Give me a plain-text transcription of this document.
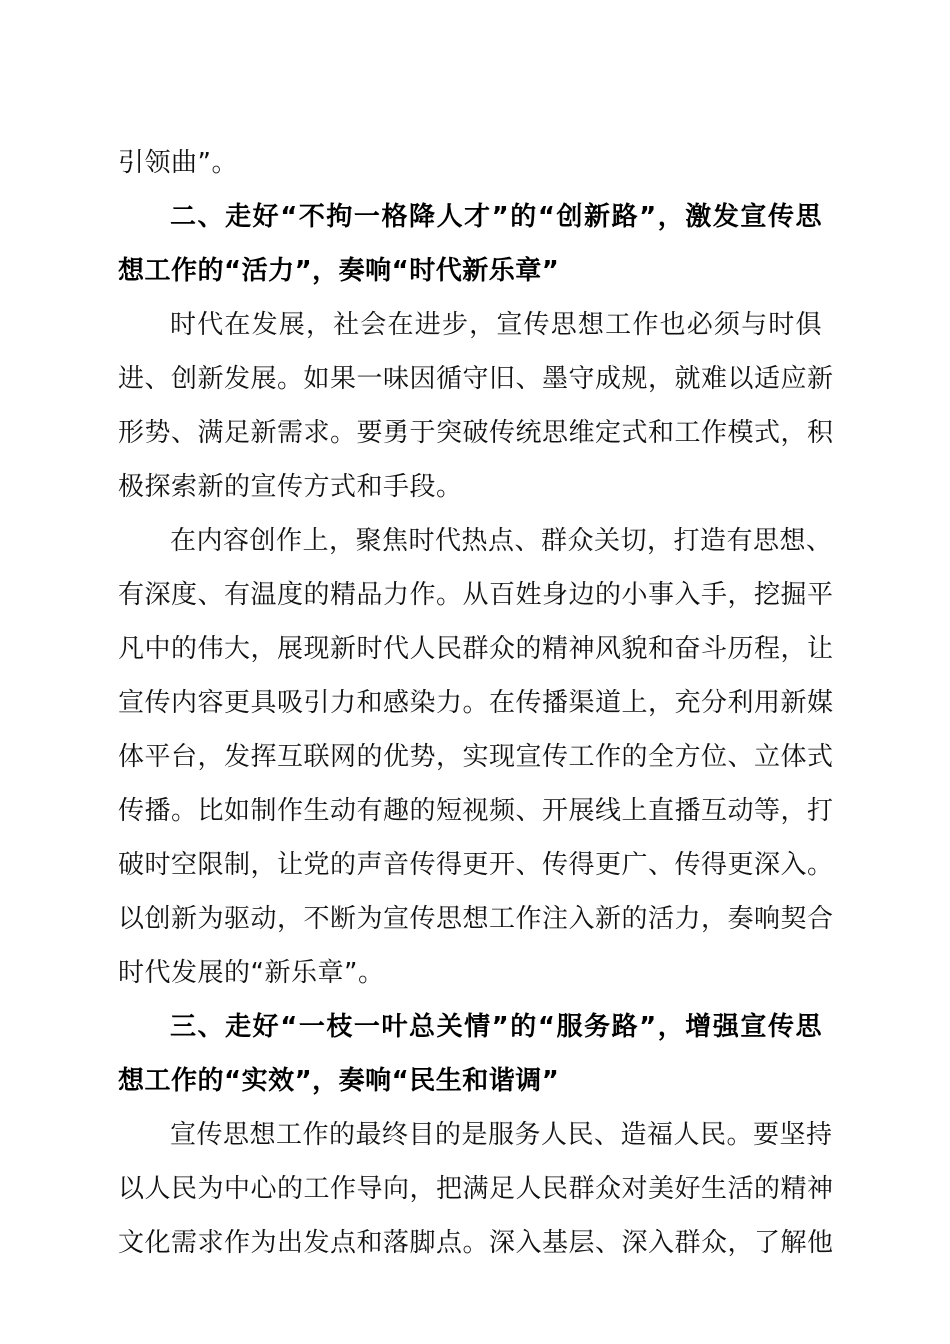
引领曲”。
二、走好“不拘一格降人才”的“创新路”，激发宣传思
想工作的“活力”，奏响“时代新乐章”
时代在发展，社会在进步，宣传思想工作也必须与时俱
进、创新发展。如果一味因循守旧、墨守成规，就难以适应新
形势、满足新需求。要勇于突破传统思维定式和工作模式，积
极探索新的宣传方式和手段。
在内容创作上，聚焦时代热点、群众关切，打造有思想、
有深度、有温度的精品力作。从百姓身边的小事入手，挖掘平
凡中的伟大，展现新时代人民群众的精神风貌和奋斗历程，让
宣传内容更具吸引力和感染力。在传播渠道上，充分利用新媒
体平台，发挥互联网的优势，实现宣传工作的全方位、立体式
传播。比如制作生动有趣的短视频、开展线上直播互动等，打
破时空限制，让党的声音传得更开、传得更广、传得更深入。
以创新为驱动，不断为宣传思想工作注入新的活力，奏响契合
时代发展的“新乐章”。
三、走好“一枝一叶总关情”的“服务路”，增强宣传思
想工作的“实效”，奏响“民生和谐调”
宣传思想工作的最终目的是服务人民、造福人民。要坚持
以人民为中心的工作导向，把满足人民群众对美好生活的精神
文化需求作为出发点和落脚点。深入基层、深入群众，了解他
